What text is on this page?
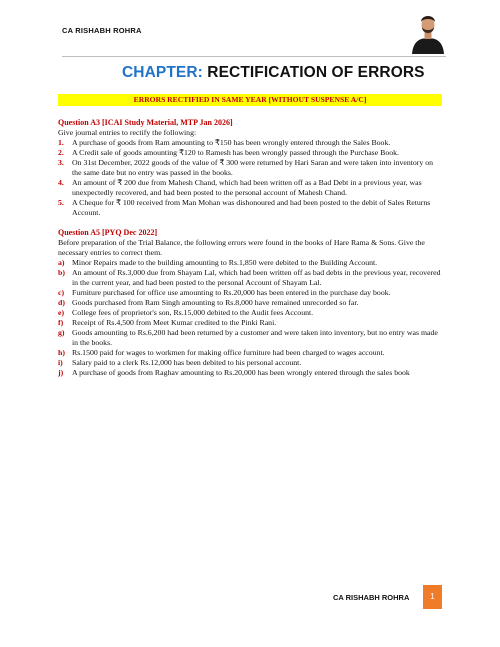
CA RISHABH ROHRA
CHAPTER: RECTIFICATION OF ERRORS
ERRORS RECTIFIED IN SAME YEAR [WITHOUT SUSPENSE A/C]
Question A3 [ICAI Study Material, MTP Jan 2026]
Give journal entries to rectify the following:
1.	A purchase of goods from Ram amounting to ₹150 has been wrongly entered through the Sales Book.
2.	A Credit sale of goods amounting ₹120 to Ramesh has been wrongly passed through the Purchase Book.
3.	On 31st December, 2022 goods of the value of ₹ 300 were returned by Hari Saran and were taken into inventory on the same date but no entry was passed in the books.
4.	An amount of ₹ 200 due from Mahesh Chand, which had been written off as a Bad Debt in a previous year, was unexpectedly recovered, and had been posted to the personal account of Mahesh Chand.
5.	A Cheque for ₹ 100 received from Man Mohan was dishonoured and had been posted to the debit of Sales Returns Account.
Question A5 [PYQ Dec 2022]
Before preparation of the Trial Balance, the following errors were found in the books of Hare Rama & Sons. Give the necessary entries to correct them.
a) Minor Repairs made to the building amounting to Rs.1,850 were debited to the Building Account.
b) An amount of Rs.3,000 due from Shayam Lal, which had been written off as bad debts in the previous year, recovered in the current year, and had been posted to the personal Account of Shayam Lal.
c)	Furniture purchased for office use amounting to Rs.20,000 has been entered in the purchase day book.
d) Goods purchased from Ram Singh amounting to Rs.8,000 have remained unrecorded so far.
e)	College fees of proprietor's son, Rs.15,000 debited to the Audit fees Account.
f)	Receipt of Rs.4,500 from Meet Kumar credited to the Pinki Rani.
g) Goods amounting to Rs.6,200 had been returned by a customer and were taken into inventory, but no entry was made in the books.
h) Rs.1500 paid for wages to workmen for making office furniture had been charged to wages account.
i)	Salary paid to a clerk Rs.12,000 has been debited to his personal account.
j)	A purchase of goods from Raghav amounting to Rs.20,000 has been wrongly entered through the sales book
CA RISHABH ROHRA	1
